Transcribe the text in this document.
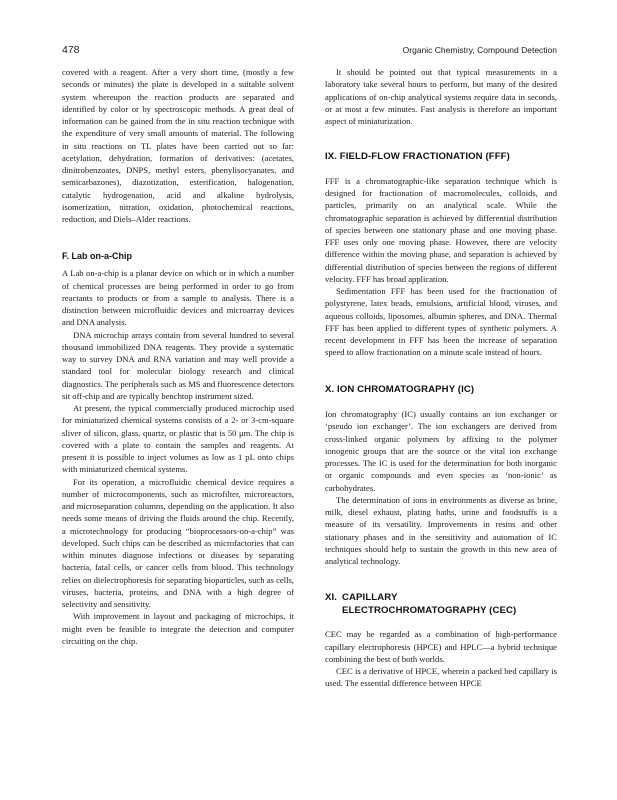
478	Organic Chemistry, Compound Detection

covered with a reagent. After a very short time, (mostly a few seconds or minutes) the plate is developed in a suitable solvent system whereupon the reaction products are separated and identified by color or by spectroscopic methods. A great deal of information can be gained from the in situ reaction technique with the expenditure of very small amounts of material. The following in situ reactions on TL plates have been carried out so far: acetylation, dehydration, formation of derivatives: (acetates, dinitrobenzoates, DNPS, methyl esters, phenylisocyanates, and semicarbazones), diazotization, esterification, halogenation, catalytic hydrogenation, acid and alkaline hydrolysis, isomerization, nitration, oxidation, photochemical reactions, reduction, and Diels–Alder reactions.

F. Lab on-a-Chip

A Lab on-a-chip is a planar device on which or in which a number of chemical processes are being performed in order to go from reactants to products or from a sample to analysis. There is a distinction between microfluidic devices and microarray devices and DNA analysis.

DNA microchip arrays contain from several hundred to several thousand immobilized DNA reagents. They provide a systematic way to survey DNA and RNA variation and may well provide a standard tool for molecular biology research and clinical diagnostics. The peripherals such as MS and fluorescence detectors sit off-chip and are typically benchtop instrument sized.

At present, the typical commercially produced microchip used for miniaturized chemical systems consists of a 2- or 3-cm-square sliver of silicon, glass, quartz, or plastic that is 50 μm. The chip is covered with a plate to contain the samples and reagents. At present it is possible to inject volumes as low as 1 pL onto chips with miniaturized chemical systems.

For its operation, a microfluidic chemical device requires a number of microcomponents, such as microfilter, microreactors, and microseparation columns, depending on the application. It also needs some means of driving the fluids around the chip. Recently, a microtechnology for producing “bioprocessors-on-a-chip” was developed. Such chips can be described as microfactories that can within minutes diagnose infections or diseases by separating bacteria, fatal cells, or cancer cells from blood. This technology relies on dielectrophoresis for separating bioparticles, such as cells, viruses, bacteria, proteins, and DNA with a high degree of selectivity and sensitivity.

With improvement in layout and packaging of microchips, it might even be feasible to integrate the detection and computer circuiting on the chip.

It should be pointed out that typical measurements in a laboratory take several hours to perform, but many of the desired applications of on-chip analytical systems require data in seconds, or at most a few minutes. Fast analysis is therefore an important aspect of miniaturization.

IX. FIELD-FLOW FRACTIONATION (FFF)

FFF is a chromatographic-like separation technique which is designed for fractionation of macromolecules, colloids, and particles, primarily on an analytical scale. While the chromatographic separation is achieved by differential distribution of species between one stationary phase and one moving phase. FFF uses only one moving phase. However, there are velocity difference within the moving phase, and separation is achieved by differential distribution of species between the regions of different velocity. FFF has broad application.

Sedimentation FFF has been used for the fractionation of polystyrene, latex beads, emulsions, artificial blood, viruses, and aqueous colloids, liposomes, albumin spheres, and DNA. Thermal FFF has been applied to different types of synthetic polymers. A recent development in FFF has been the increase of separation speed to allow fractionation on a minute scale instead of hours.

X. ION CHROMATOGRAPHY (IC)

Ion chromatography (IC) usually contains an ion exchanger or ‘pseudo ion exchanger’. The ion exchangers are derived from cross-linked organic polymers by affixing to the polymer ionogenic groups that are the source or the vital ion exchange processes. The IC is used for the determination for both inorganic or organic compounds and even species as ‘non-ionic’ as carbohydrates.

The determination of ions in environments as diverse as brine, milk, diesel exhaust, plating baths, urine and foodstuffs is a measure of its versatility. Improvements in resins and other stationary phases and in the sensitivity and automation of IC techniques should help to sustain the growth in this new area of analytical technology.

XI. CAPILLARY
ELECTROCHROMATOGRAPHY (CEC)

CEC may be regarded as a combination of high-performance capillary electrophoresis (HPCE) and HPLC—a hybrid technique combining the best of both worlds.

CEC is a derivative of HPCE, wherein a packed bed capillary is used. The essential difference between HPCE
